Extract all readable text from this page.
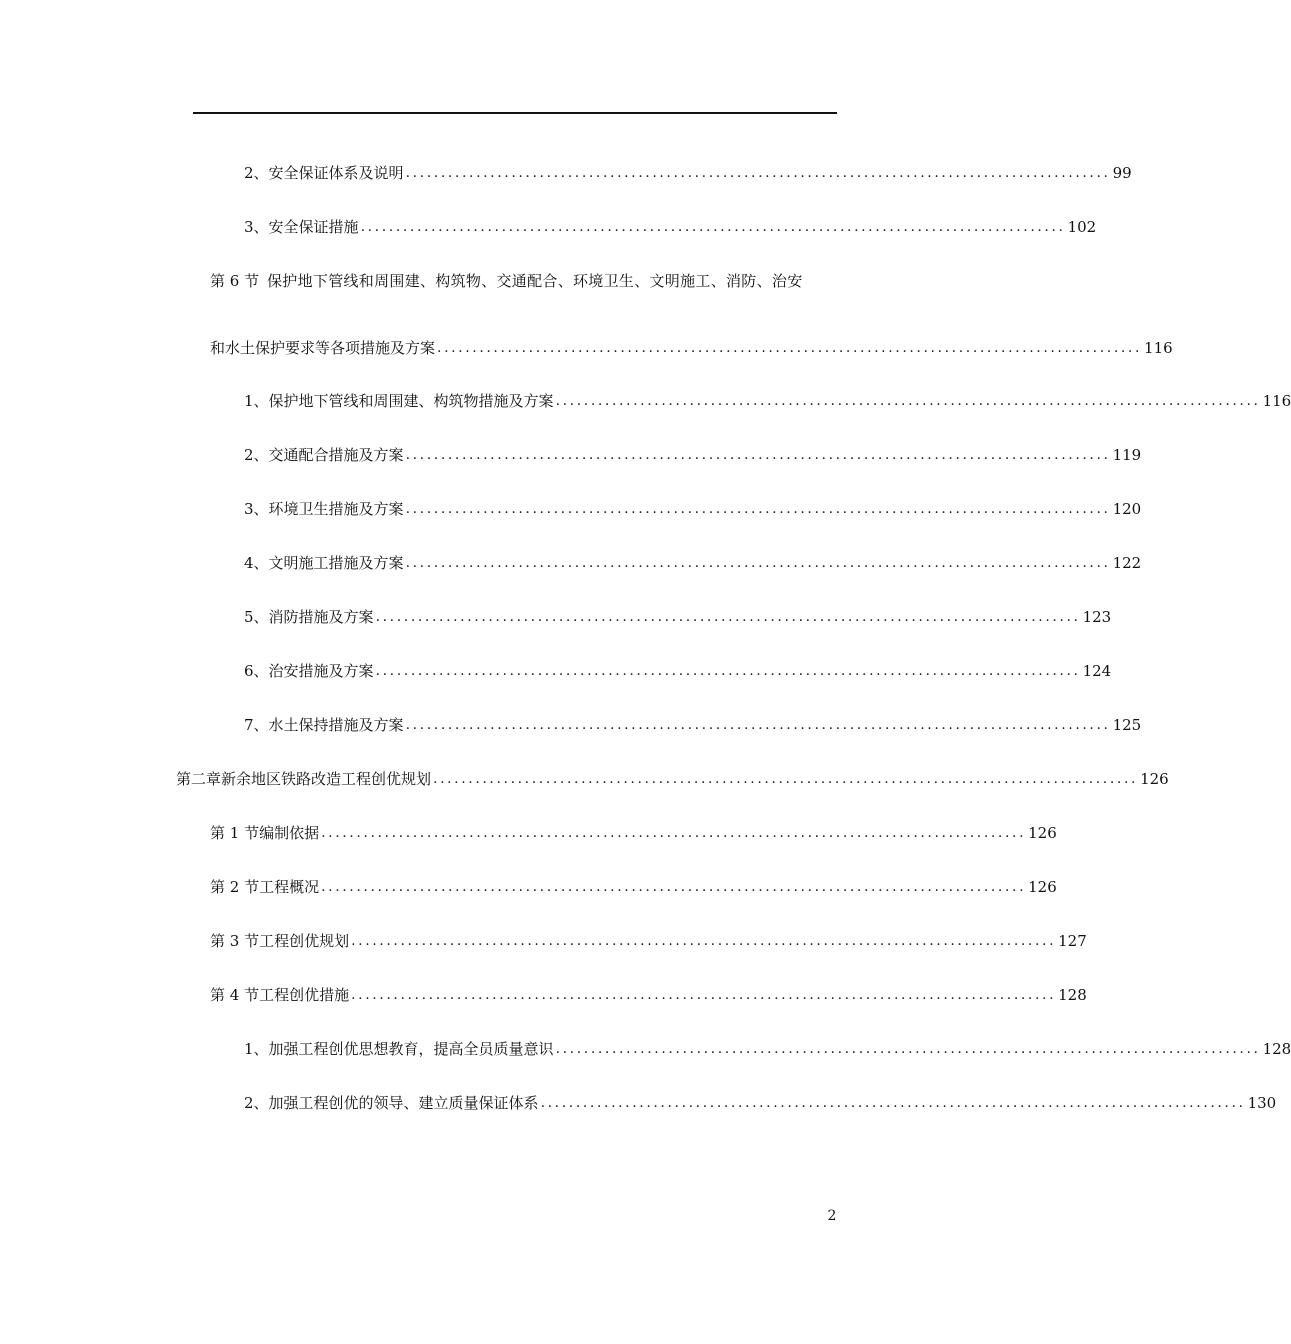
2、 安全保证体系及说明 .................................................................................................... 99
3、 安全保证措施 .................................................................................................... 102
第 6 节 保护地下管线和周围建、构筑物、交通配合、环境卫生、文明施工、消防、治安
和水土保护要求等各项措施及方案 .................................................................................................... 116
1、 保护地下管线和周围建、构筑物措施及方案 .................................................................................................... 116
2、 交通配合措施及方案 .................................................................................................... 119
3、 环境卫生措施及方案 .................................................................................................... 120
4、 文明施工措施及方案 .................................................................................................... 122
5、 消防措施及方案 .................................................................................................... 123
6、 治安措施及方案 .................................................................................................... 124
7、 水土保持措施及方案 .................................................................................................... 125
第二章 新余地区铁路改造工程创优规划 .................................................................................................... 126
第 1 节 编制依据 .................................................................................................... 126
第 2 节 工程概况 .................................................................................................... 126
第 3 节 工程创优规划 .................................................................................................... 127
第 4 节 工程创优措施 .................................................................................................... 128
1、 加强工程创优思想教育，提高全员质量意识 .................................................................................................... 128
2、 加强工程创优的领导、建立质量保证体系 .................................................................................................... 130
2
